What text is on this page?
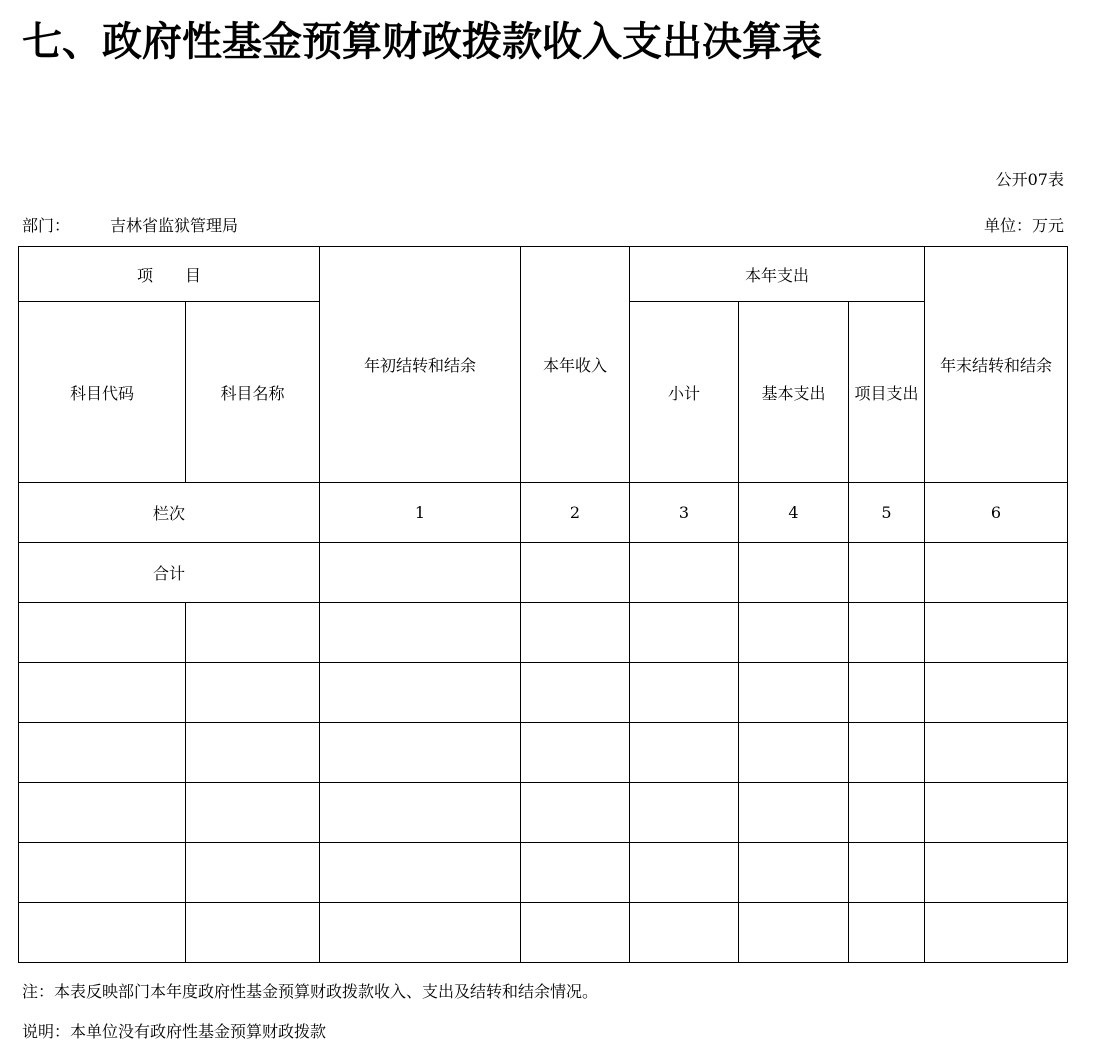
七、政府性基金预算财政拨款收入支出决算表
公开07表
部门：	吉林省监狱管理局	单位：万元
项　　目		年初结转和结余	本年收入	本年支出			年末结转和结余
科目代码	科目名称			小计	基本支出	项目支出	
栏次		1	2	3	4	5	6
合计							

注：本表反映部门本年度政府性基金预算财政拨款收入、支出及结转和结余情况。
说明：本单位没有政府性基金预算财政拨款
